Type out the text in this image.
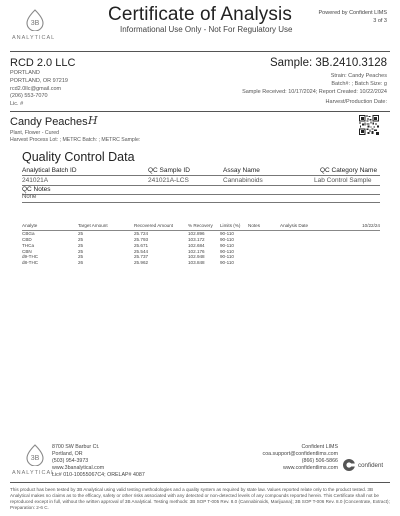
3B
ANALYTICAL
Certificate of Analysis
Informational Use Only - Not For Regulatory Use
Powered by Confident LIMS
3 of 3
RCD 2.0 LLC
PORTLAND
PORTLAND, OR 97219
rcd2.0llc@gmail.com
(206) 553-7070
Lic. #
Sample: 3B.2410.3128
Strain: Candy Peaches
Batch#: ; Batch Size: g
Sample Received: 10/17/2024; Report Created: 10/22/2024
Harvest/Production Date:
Candy Peaches H
Plant, Flower - Cured
Harvest Process Lot: ; METRC Batch: ; METRC Sample:
Quality Control Data
Analytical Batch ID	QC Sample ID	Assay Name	QC Category Name
241021A	241021A-LCS	Cannabinoids	Lab Control Sample
QC Notes
None
Analyte	Target Amount	Recovered Amount	% Recovery	Limits (%)	Notes	Analysis Date	10/22/24
CBGa	25	25.724	102.896	90-110			
CBD	25	25.793	103.172	90-110			
THCa	25	25.671	102.684	90-110			
CBN	25	25.544	102.176	90-110			
d9-THC	25	25.737	102.948	90-110			
d8-THC	26	25.962	103.848	90-110			
3B
ANALYTICAL
8700 SW Barbur Ct.
Portland, OR
(503) 954-3973
www.3banalytical.com
Lic# 010-10055067C4; ORELAP# 4087
Confident LIMS
coa.support@confidentlims.com
(866) 506-5866
www.confidentlims.com	confident
This product has been tested by 3B Analytical using valid testing methodologies and a quality system as required by state law. Values reported relate only to the product tested. 3B Analytical makes no claims as to the efficacy, safety or other risks associated with any detected or non-detected levels of any compounds reported herein. This Certificate shall not be reproduced except in full, without the written approval of 3B Analytical. Testing methods: 3B SOP T-005 Rev. 8.0 (Cannabinoids, Marijuana); 3B SOP T-006 Rev. 8.0 (Concentrate, Extract); Preparation: 2-6 C.
